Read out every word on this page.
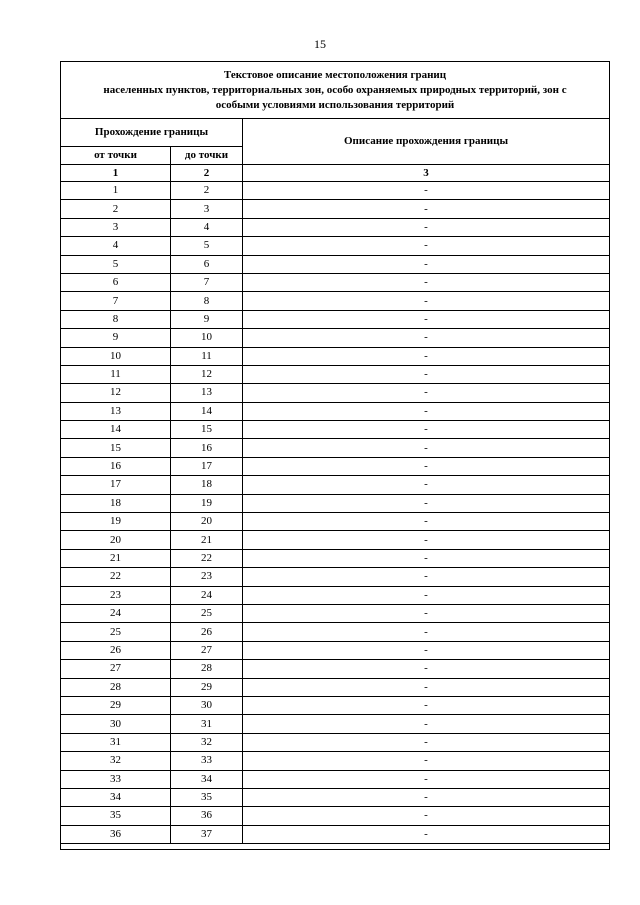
15
Текстовое описание местоположения границ
населенных пунктов, территориальных зон, особо охраняемых природных территорий, зон с
особыми условиями использования территорий		

Прохождение границы		Описание прохождения границы
от точки	до точки	
1	2	3
1	2	-
2	3	-
3	4	-
4	5	-
5	6	-
6	7	-
7	8	-
8	9	-
9	10	-
10	11	-
11	12	-
12	13	-
13	14	-
14	15	-
15	16	-
16	17	-
17	18	-
18	19	-
19	20	-
20	21	-
21	22	-
22	23	-
23	24	-
24	25	-
25	26	-
26	27	-
27	28	-
28	29	-
29	30	-
30	31	-
31	32	-
32	33	-
33	34	-
34	35	-
35	36	-
36	37	-
